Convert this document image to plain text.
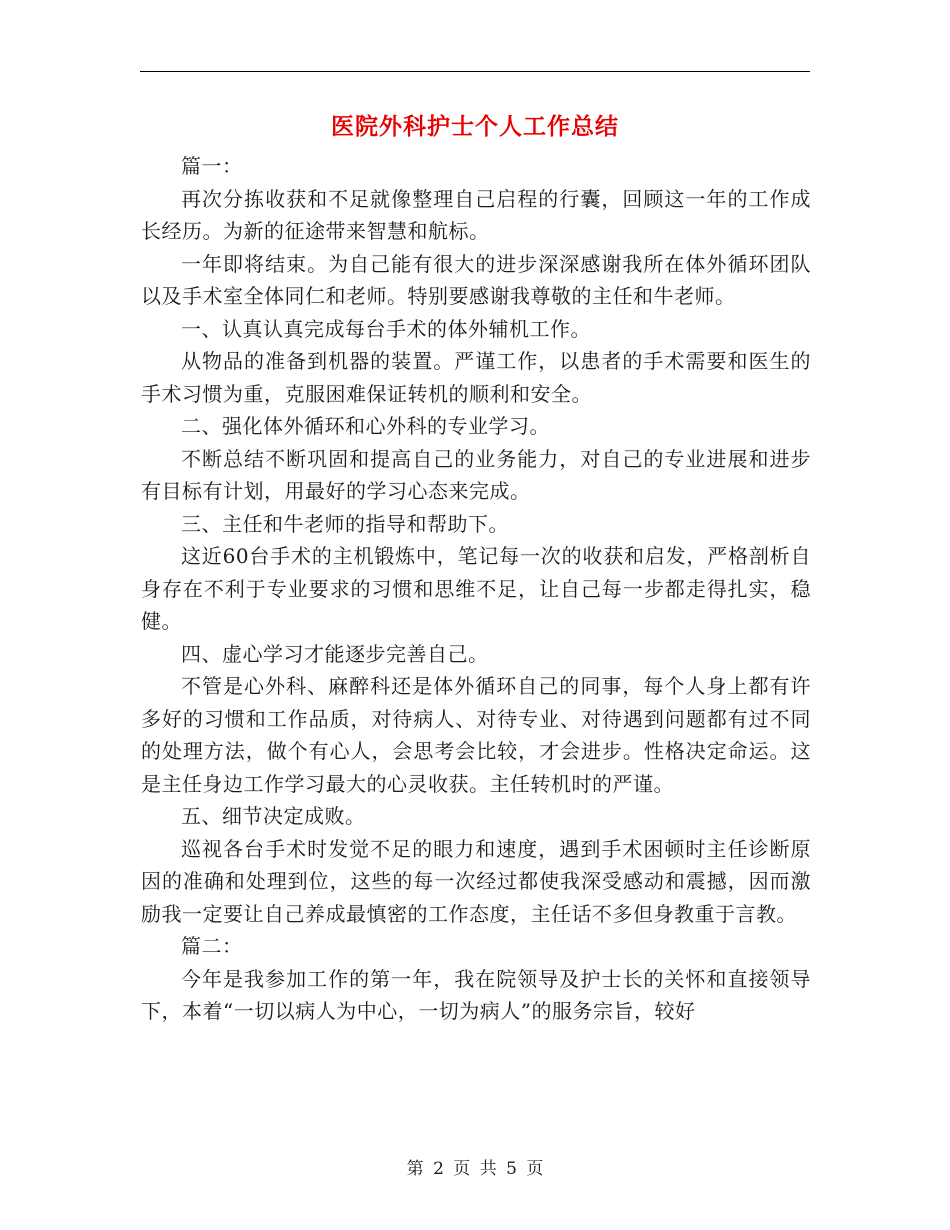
医院外科护士个人工作总结

篇一：

再次分拣收获和不足就像整理自己启程的行囊，回顾这一年的工作成长经历。为新的征途带来智慧和航标。

一年即将结束。为自己能有很大的进步深深感谢我所在体外循环团队以及手术室全体同仁和老师。特别要感谢我尊敬的主任和牛老师。

一、认真认真完成每台手术的体外辅机工作。

从物品的准备到机器的装置。严谨工作，以患者的手术需要和医生的手术习惯为重，克服困难保证转机的顺利和安全。

二、强化体外循环和心外科的专业学习。

不断总结不断巩固和提高自己的业务能力，对自己的专业进展和进步有目标有计划，用最好的学习心态来完成。

三、主任和牛老师的指导和帮助下。

这近60台手术的主机锻炼中，笔记每一次的收获和启发，严格剖析自身存在不利于专业要求的习惯和思维不足，让自己每一步都走得扎实，稳健。

四、虚心学习才能逐步完善自己。

不管是心外科、麻醉科还是体外循环自己的同事，每个人身上都有许多好的习惯和工作品质，对待病人、对待专业、对待遇到问题都有过不同的处理方法，做个有心人，会思考会比较，才会进步。性格决定命运。这是主任身边工作学习最大的心灵收获。主任转机时的严谨。

五、细节决定成败。

巡视各台手术时发觉不足的眼力和速度，遇到手术困顿时主任诊断原因的准确和处理到位，这些的每一次经过都使我深受感动和震撼，因而激励我一定要让自己养成最慎密的工作态度，主任话不多但身教重于言教。

篇二：

今年是我参加工作的第一年，我在院领导及护士长的关怀和直接领导下，本着“一切以病人为中心，一切为病人”的服务宗旨，较好

第 2 页 共 5 页
